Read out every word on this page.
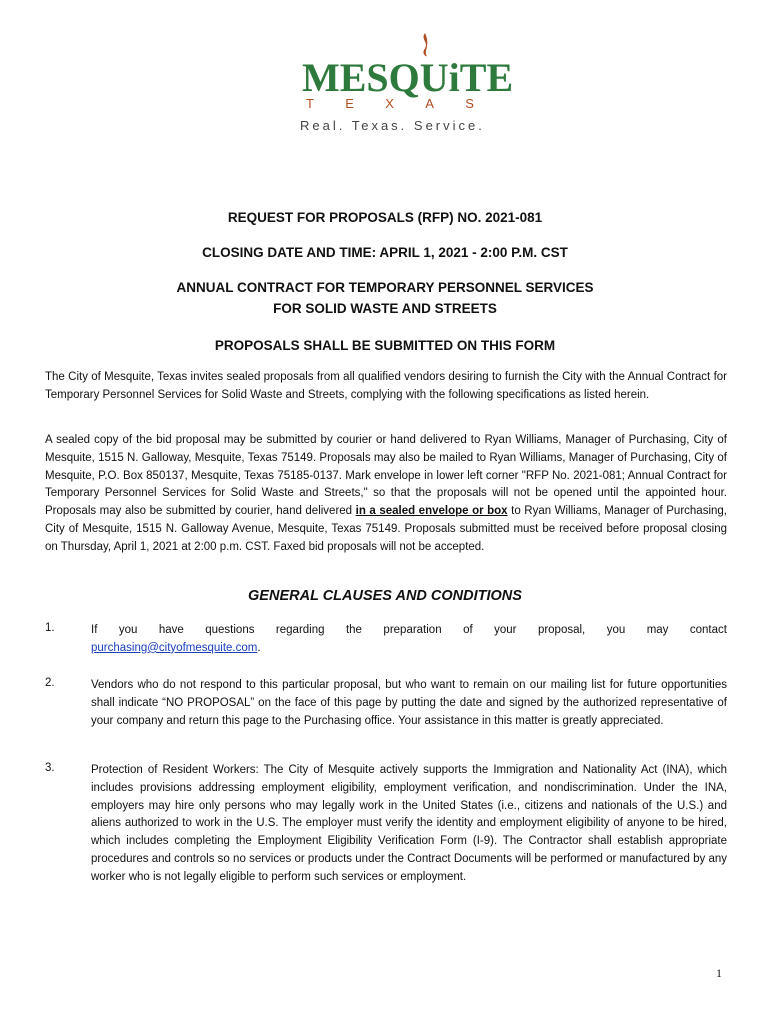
MESQUiTE
T E X A S
Real. Texas. Service.
REQUEST FOR PROPOSALS (RFP) NO. 2021-081
CLOSING DATE AND TIME: APRIL 1, 2021 - 2:00 P.M. CST
ANNUAL CONTRACT FOR TEMPORARY PERSONNEL SERVICES
FOR SOLID WASTE AND STREETS
PROPOSALS SHALL BE SUBMITTED ON THIS FORM
The City of Mesquite, Texas invites sealed proposals from all qualified vendors desiring to furnish the City with the Annual Contract for Temporary Personnel Services for Solid Waste and Streets, complying with the following specifications as listed herein.
A sealed copy of the bid proposal may be submitted by courier or hand delivered to Ryan Williams, Manager of Purchasing, City of Mesquite, 1515 N. Galloway, Mesquite, Texas 75149. Proposals may also be mailed to Ryan Williams, Manager of Purchasing, City of Mesquite, P.O. Box 850137, Mesquite, Texas 75185-0137. Mark envelope in lower left corner "RFP No. 2021-081; Annual Contract for Temporary Personnel Services for Solid Waste and Streets," so that the proposals will not be opened until the appointed hour. Proposals may also be submitted by courier, hand delivered in a sealed envelope or box to Ryan Williams, Manager of Purchasing, City of Mesquite, 1515 N. Galloway Avenue, Mesquite, Texas 75149. Proposals submitted must be received before proposal closing on Thursday, April 1, 2021 at 2:00 p.m. CST. Faxed bid proposals will not be accepted.
GENERAL CLAUSES AND CONDITIONS
1.	If you have questions regarding the preparation of your proposal, you may contact
purchasing@cityofmesquite.com.
2.	Vendors who do not respond to this particular proposal, but who want to remain on our mailing list for future opportunities shall indicate “NO PROPOSAL” on the face of this page by putting the date and signed by the authorized representative of your company and return this page to the Purchasing office. Your assistance in this matter is greatly appreciated.
3.	Protection of Resident Workers: The City of Mesquite actively supports the Immigration and Nationality Act (INA), which includes provisions addressing employment eligibility, employment verification, and nondiscrimination. Under the INA, employers may hire only persons who may legally work in the United States (i.e., citizens and nationals of the U.S.) and aliens authorized to work in the U.S. The employer must verify the identity and employment eligibility of anyone to be hired, which includes completing the Employment Eligibility Verification Form (I-9). The Contractor shall establish appropriate procedures and controls so no services or products under the Contract Documents will be performed or manufactured by any worker who is not legally eligible to perform such services or employment.
1
